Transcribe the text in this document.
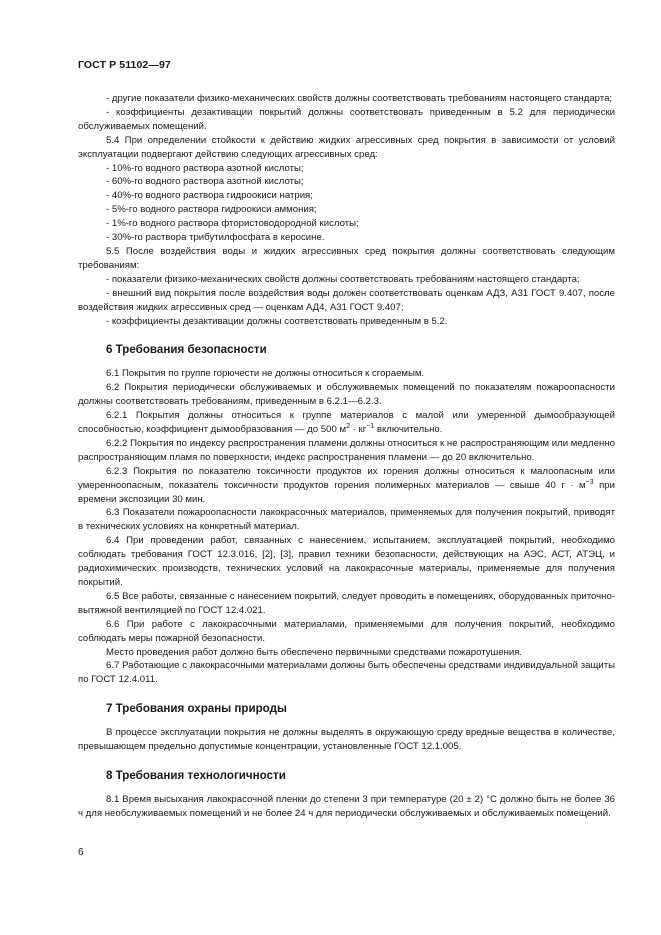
ГОСТ Р 51102—97

- другие показатели физико-механических свойств должны соответствовать требованиям настоящего стандарта;

- коэффициенты дезактивации покрытий должны соответствовать приведенным в 5.2 для периодически обслуживаемых помещений.

5.4 При определении стойкости к действию жидких агрессивных сред покрытия в зависимости от условий эксплуатации подвергают действию следующих агрессивных сред:

- 10%-го водного раствора азотной кислоты;

- 60%-го водного раствора азотной кислоты;

- 40%-го водного раствора гидроокиси натрия;

- 5%-го водного раствора гидроокиси аммония;

- 1%-го водного раствора фтористоводородной кислоты;

- 30%-го раствора трибутилфосфата в керосине.

5.5 После воздействия воды и жидких агрессивных сред покрытия должны соответствовать следующим требованиям:

- показатели физико-механических свойств должны соответствовать требованиям настоящего стандарта;

- внешний вид покрытия после воздействия воды должен соответствовать оценкам АДЗ, А31 ГОСТ 9.407, после воздействия жидких агрессивных сред — оценкам АД4, А31 ГОСТ 9.407;

- коэффициенты дезактивации должны соответствовать приведенным в 5.2.

6 Требования безопасности

6.1 Покрытия по группе горючести не должны относиться к сгораемым.

6.2 Покрытия периодически обслуживаемых и обслуживаемых помещений по показателям пожароопасности должны соответствовать требованиям, приведенным в 6.2.1—6.2.3.

6.2.1 Покрытия должны относиться к группе материалов с малой или умеренной дымообразующей способностью, коэффициент дымообразования — до 500 $м^2 \cdot кг^{-1}$ включительно.

6.2.2 Покрытия по индексу распространения пламени должны относиться к не распространяющим или медленно распространяющим пламя по поверхности, индекс распространения пламени — до 20 включительно.

6.2.3 Покрытия по показателю токсичности продуктов их горения должны относиться к малоопасным или умеренноопасным, показатель токсичности продуктов горения полимерных материалов — свыше 40 $г \cdot м^{-3}$ при времени экспозиции 30 мин.

6.3 Показатели пожароопасности лакокрасочных материалов, применяемых для получения покрытий, приводят в технических условиях на конкретный материал.

6.4 При проведении работ, связанных с нанесением, испытанием, эксплуатацией покрытий, необходимо соблюдать требования ГОСТ 12.3.016, [2], [3], правил техники безопасности, действующих на АЭС, АСТ, АТЭЦ, и радиохимических производств, технических условий на лакокрасочные материалы, применяемые для получения покрытий.

6.5 Все работы, связанные с нанесением покрытий, следует проводить в помещениях, оборудованных приточно-вытяжной вентиляцией по ГОСТ 12.4.021.

6.6 При работе с лакокрасочными материалами, применяемыми для получения покрытий, необходимо соблюдать меры пожарной безопасности.

Место проведения работ должно быть обеспечено первичными средствами пожаротушения.

6.7 Работающие с лакокрасочными материалами должны быть обеспечены средствами индивидуальной защиты по ГОСТ 12.4.011.

7 Требования охраны природы

В процессе эксплуатации покрытия не должны выделять в окружающую среду вредные вещества в количестве, превышающем предельно допустимые концентрации, установленные ГОСТ 12.1.005.

8 Требования технологичности

8.1 Время высыхания лакокрасочной пленки до степени 3 при температуре (20 ± 2) °С должно быть не более 36 ч для необслуживаемых помещений и не более 24 ч для периодически обслуживаемых и обслуживаемых помещений.

6
